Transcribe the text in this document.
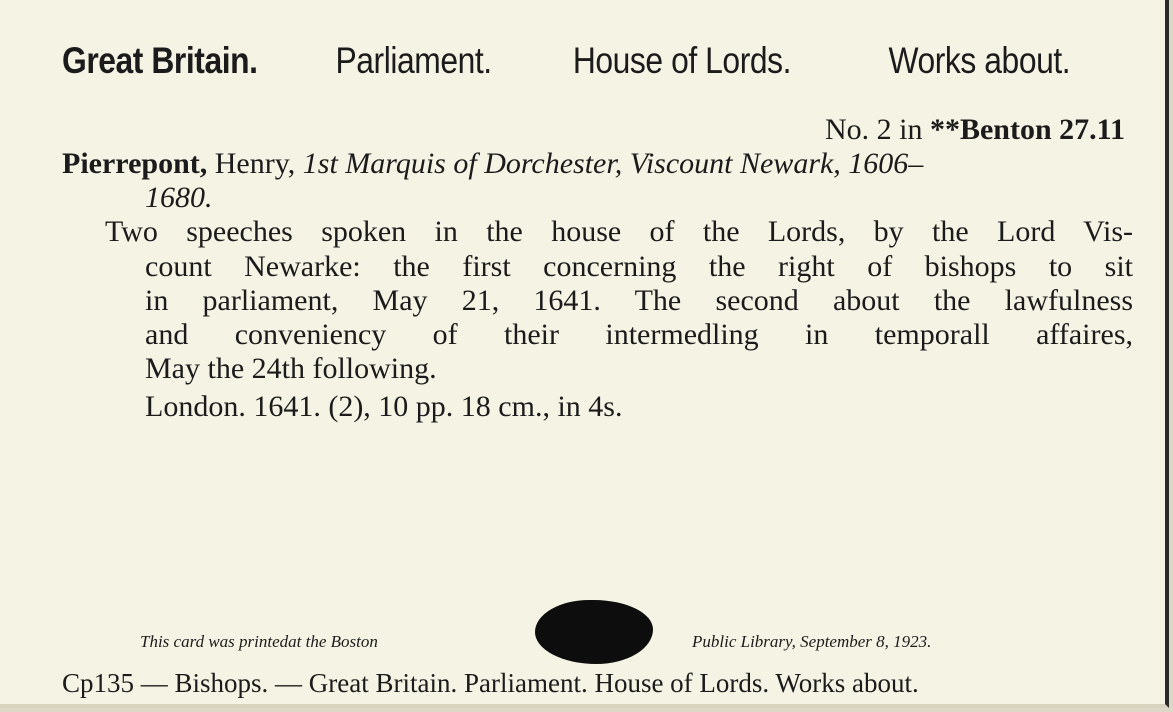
Great Britain. Parliament. House of Lords.	Works about.
No. 2 in **Benton 27.11
Pierrepont, Henry, 1st Marquis of Dorchester, Viscount Newark, 1606–
1680.
Two speeches spoken in the house of the Lords, by the Lord Vis-
count Newarke: the first concerning the right of bishops to sit
in parliament, May 21, 1641. The second about the lawfulness
and conveniency of their intermedling in temporall affaires,
May the 24th following.
London. 1641. (2), 10 pp. 18 cm., in 4s.
This card was printedat the Boston	Public Library, September 8, 1923.
Cp135 — Bishops. — Great Britain. Parliament. House of Lords. Works about.
